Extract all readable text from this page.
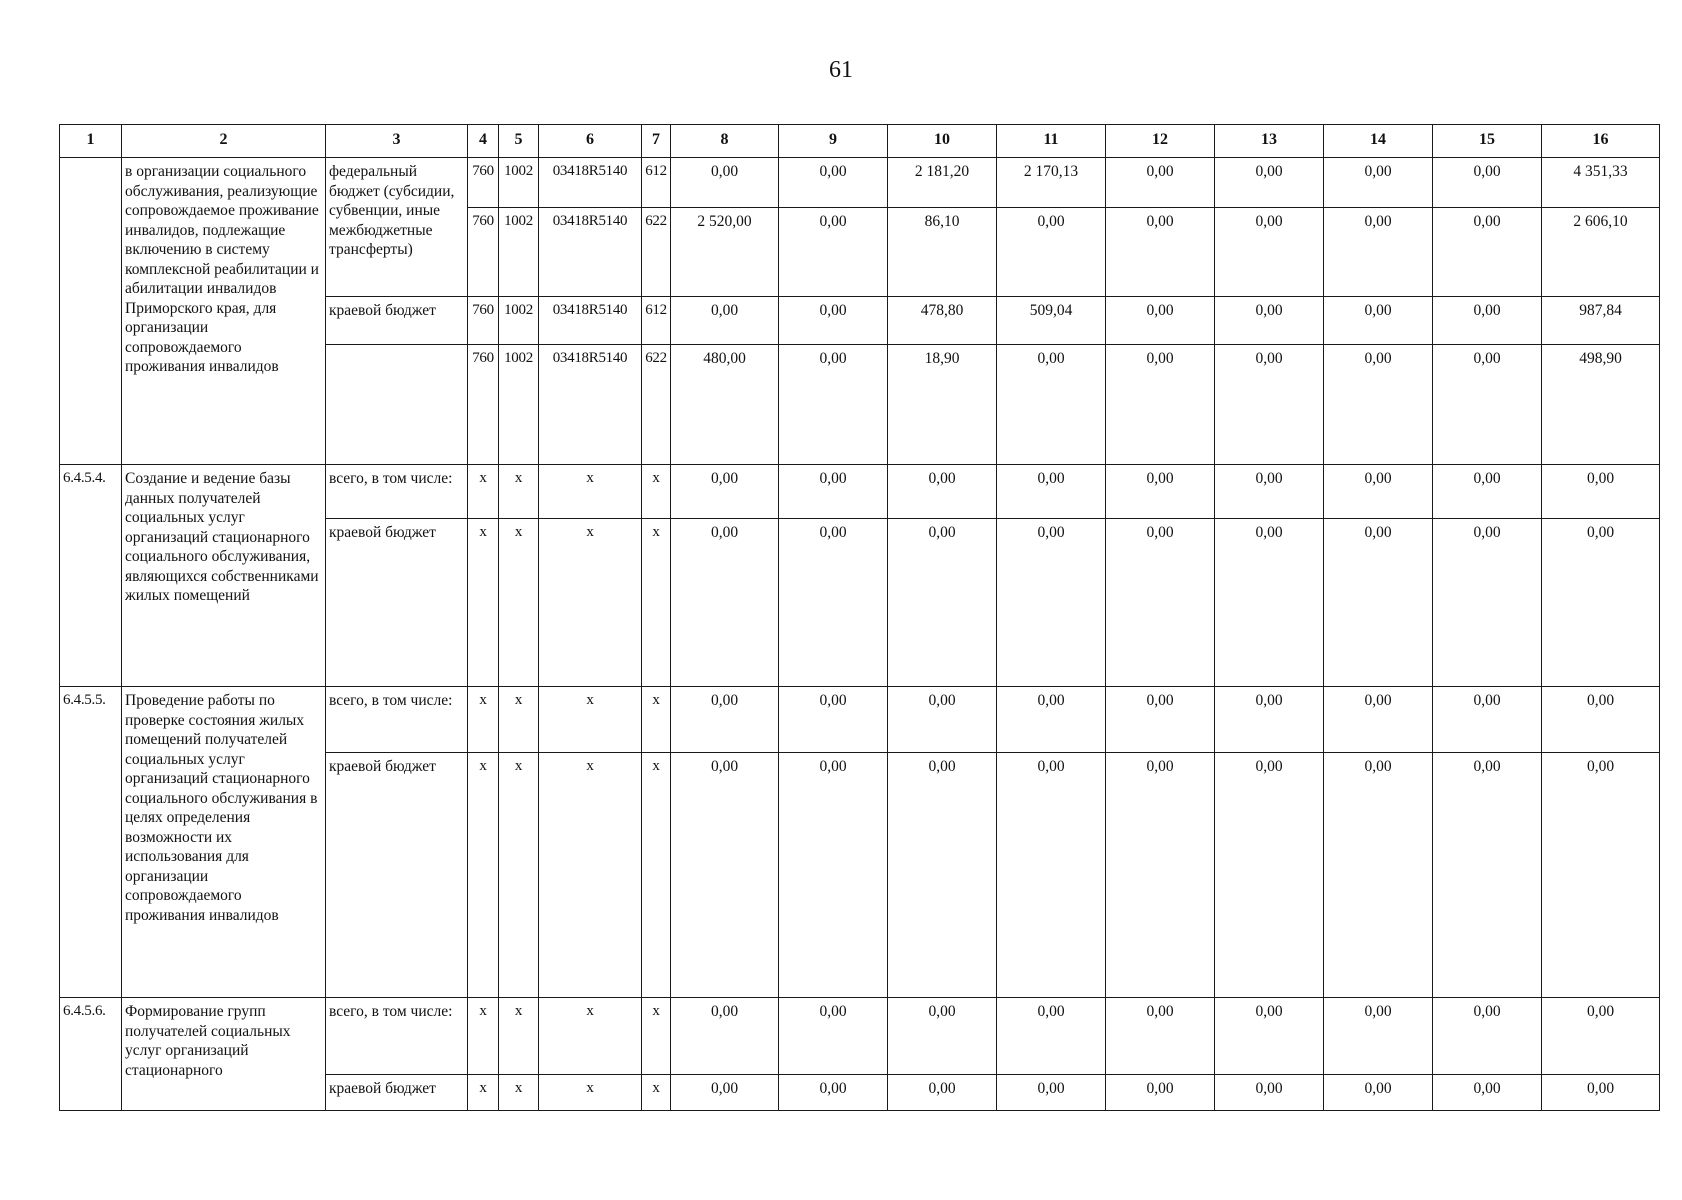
61
1	2	3	4	5	6	7	8	9	10	11	12	13	14	15	16
	в организации социального обслуживания, реализующие сопровождаемое проживание инвалидов, подлежащие включению в систему комплексной реабилитации и абилитации инвалидов Приморского края, для организации сопровождаемого проживания инвалидов	федеральный бюджет (субсидии, субвенции, иные межбюджетные трансферты)	760	1002	03418R5140	612	0,00	0,00	2 181,20	2 170,13	0,00	0,00	0,00	0,00	4 351,33
			760	1002	03418R5140	622	2 520,00	0,00	86,10	0,00	0,00	0,00	0,00	0,00	2 606,10
		краевой бюджет	760	1002	03418R5140	612	0,00	0,00	478,80	509,04	0,00	0,00	0,00	0,00	987,84
			760	1002	03418R5140	622	480,00	0,00	18,90	0,00	0,00	0,00	0,00	0,00	498,90
6.4.5.4.	Создание и ведение базы данных получателей социальных услуг организаций стационарного социального обслуживания, являющихся собственниками жилых помещений	всего, в том числе:	x	x	x	x	0,00	0,00	0,00	0,00	0,00	0,00	0,00	0,00	0,00
		краевой бюджет	x	x	x	x	0,00	0,00	0,00	0,00	0,00	0,00	0,00	0,00	0,00
6.4.5.5.	Проведение работы по проверке состояния жилых помещений получателей социальных услуг организаций стационарного социального обслуживания в целях определения возможности их использования для организации сопровождаемого проживания инвалидов	всего, в том числе:	x	x	x	x	0,00	0,00	0,00	0,00	0,00	0,00	0,00	0,00	0,00
		краевой бюджет	x	x	x	x	0,00	0,00	0,00	0,00	0,00	0,00	0,00	0,00	0,00
6.4.5.6.	Формирование групп получателей социальных услуг организаций стационарного	всего, в том числе:	x	x	x	x	0,00	0,00	0,00	0,00	0,00	0,00	0,00	0,00	0,00
		краевой бюджет	x	x	x	x	0,00	0,00	0,00	0,00	0,00	0,00	0,00	0,00	0,00
